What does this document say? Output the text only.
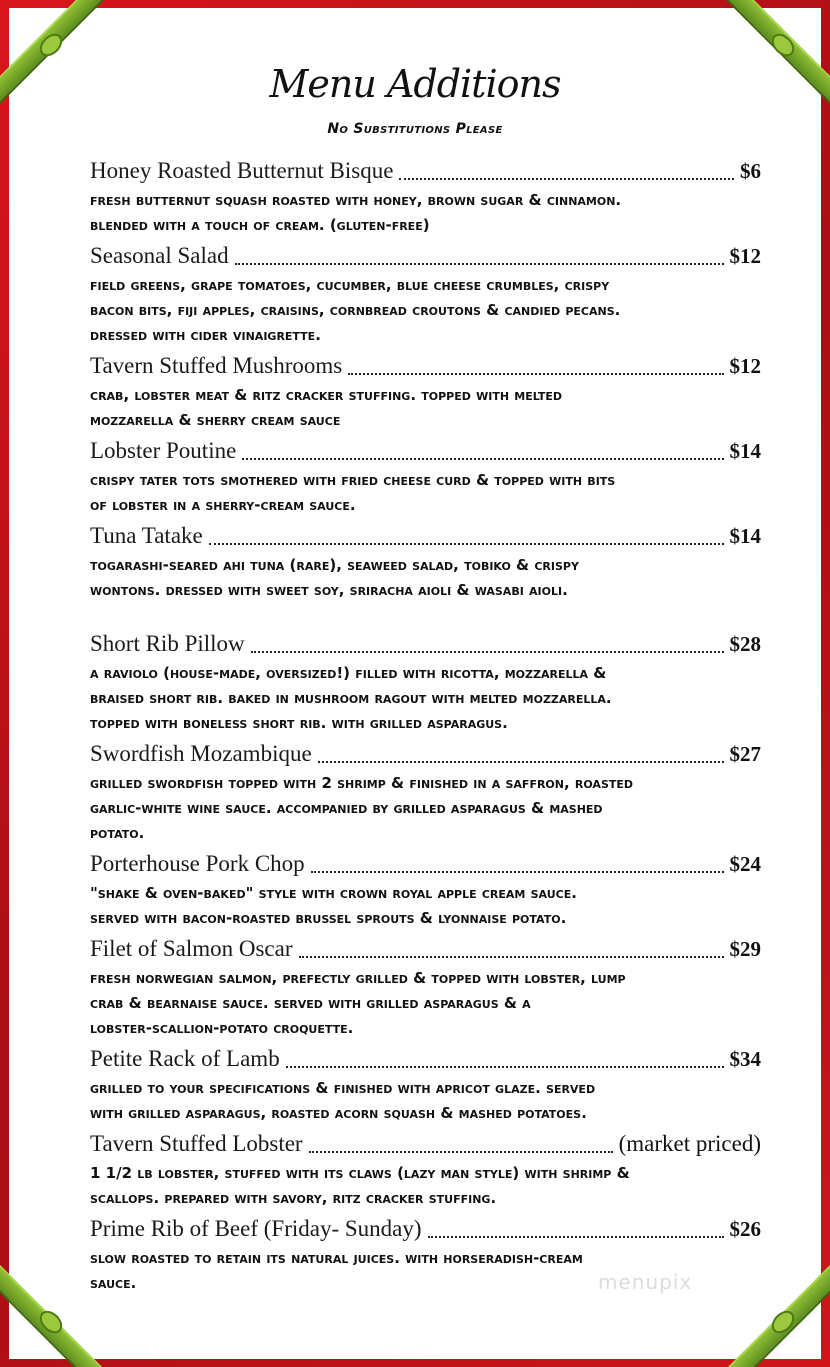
Menu Additions
No Substitutions Please
Honey Roasted Butternut Bisque	$6
fresh butternut squash roasted with honey, brown sugar & cinnamon.
blended with a touch of cream. (gluten-free)
Seasonal Salad	$12
field greens, grape tomatoes, cucumber, blue cheese crumbles, crispy
bacon bits, fiji apples, craisins, cornbread croutons & candied pecans.
dressed with cider vinaigrette.
Tavern Stuffed Mushrooms	$12
crab, lobster meat & ritz cracker stuffing. topped with melted
mozzarella & sherry cream sauce
Lobster Poutine	$14
crispy tater tots smothered with fried cheese curd & topped with bits
of lobster in a sherry-cream sauce.
Tuna Tatake	$14
togarashi-seared ahi tuna (rare), seaweed salad, tobiko & crispy
wontons. dressed with sweet soy, sriracha aioli & wasabi aioli.
Short Rib Pillow	$28
a raviolo (house-made, oversized!) filled with ricotta, mozzarella &
braised short rib. baked in mushroom ragout with melted mozzarella.
topped with boneless short rib. with grilled asparagus.
Swordfish Mozambique	$27
grilled swordfish topped with 2 shrimp & finished in a saffron, roasted
garlic-white wine sauce. accompanied by grilled asparagus & mashed
potato.
Porterhouse Pork Chop	$24
"shake & oven-baked" style with crown royal apple cream sauce.
served with bacon-roasted brussel sprouts & lyonnaise potato.
Filet of Salmon Oscar	$29
fresh norwegian salmon, prefectly grilled & topped with lobster, lump
crab & bearnaise sauce. served with grilled asparagus & a
lobster-scallion-potato croquette.
Petite Rack of Lamb	$34
grilled to your specifications & finished with apricot glaze. served
with grilled asparagus, roasted acorn squash & mashed potatoes.
Tavern Stuffed Lobster	(market priced)
1 1/2 lb lobster, stuffed with its claws (lazy man style) with shrimp &
scallops. prepared with savory, ritz cracker stuffing.
Prime Rib of Beef (Friday- Sunday)	$26
slow roasted to retain its natural juices. with horseradish-cream
sauce.	menupix
